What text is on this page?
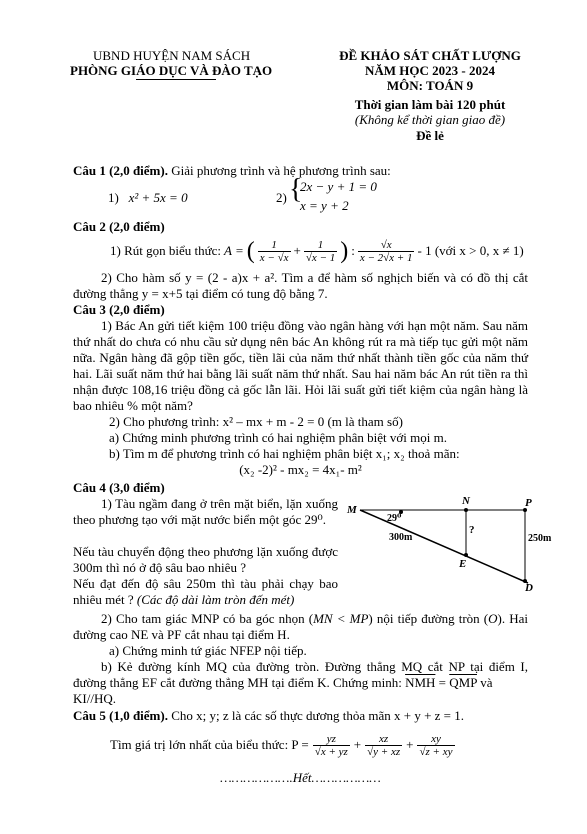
UBND HUYỆN NAM SÁCH
PHÒNG GIÁO DỤC VÀ ĐÀO TẠO
ĐỀ KHẢO SÁT CHẤT LƯỢNG
NĂM HỌC 2023 - 2024
MÔN: TOÁN 9
Thời gian làm bài 120 phút
(Không kể thời gian giao đề)
Đề lẻ
Câu 1 (2,0 điểm). Giải phương trình và hệ phương trình sau:
1) x² + 5x = 0	2) {
2x − y + 1 = 0
x = y + 2
Câu 2 (2,0 điểm)
1) Rút gọn biểu thức: A = ( $\frac{1}{x - √x} + \frac{1}{√x - 1}$ ) : $\frac{√x}{x - 2√x + 1} - 1$ (với x > 0, x ≠ 1)
2) Cho hàm số y = (2 - a)x + a². Tìm a để hàm số nghịch biến và có đồ thị cắt đường thẳng y = x+5 tại điểm có tung độ bằng 7.
Câu 3 (2,0 điểm)
1) Bác An gửi tiết kiệm 100 triệu đồng vào ngân hàng với hạn một năm. Sau năm thứ nhất do chưa có nhu cầu sử dụng nên bác An không rút ra mà tiếp tục gửi một năm nữa. Ngân hàng đã gộp tiền gốc, tiền lãi của năm thứ nhất thành tiền gốc của năm thứ hai. Lãi suất năm thứ hai bằng lãi suất năm thứ nhất. Sau hai năm bác An rút tiền ra thì nhận được 108,16 triệu đồng cả gốc lẫn lãi. Hỏi lãi suất gửi tiết kiệm của ngân hàng là bao nhiêu % một năm?
2) Cho phương trình: x² – mx + m - 2 = 0 (m là tham số)
a) Chứng minh phương trình có hai nghiệm phân biệt với mọi m.
b) Tìm m để phương trình có hai nghiệm phân biệt x₁; x₂ thoả mãn:
(x₂ -2)² - mx₂ = 4x₁- m²
Câu 4 (3,0 điểm)
1) Tàu ngầm đang ở trên mặt biển, lặn xuống theo phương tạo với mặt nước biển một góc 29⁰.
Nếu tàu chuyển động theo phương lặn xuống được 300m thì nó ở độ sâu bao nhiêu ?
Nếu đạt đến độ sâu 250m thì tàu phải chạy bao nhiêu mét ? (Các độ dài làm tròn đến mét)
M
N	P
E
D
29⁰
300m	250m
?
2) Cho tam giác MNP có ba góc nhọn (MN < MP) nội tiếp đường tròn (O). Hai đường cao NE và PF cắt nhau tại điểm H.
a) Chứng minh tứ giác NFEP nội tiếp.
b) Kẻ đường kính MQ của đường tròn. Đường thẳng MQ cắt NP tại điểm I, đường thẳng EF cắt đường thẳng MH tại điểm K. Chứng minh: $\overline{NMH} = \overline{QMP}$ và
KI//HQ.
Câu 5 (1,0 điểm). Cho x; y; z là các số thực dương thỏa mãn x + y + z = 1.
Tìm giá trị lớn nhất của biểu thức: $P = \frac{yz}{√x + yz} + \frac{xz}{√y + xz} + \frac{xy}{√z + xy}$
……………….Hết………………
